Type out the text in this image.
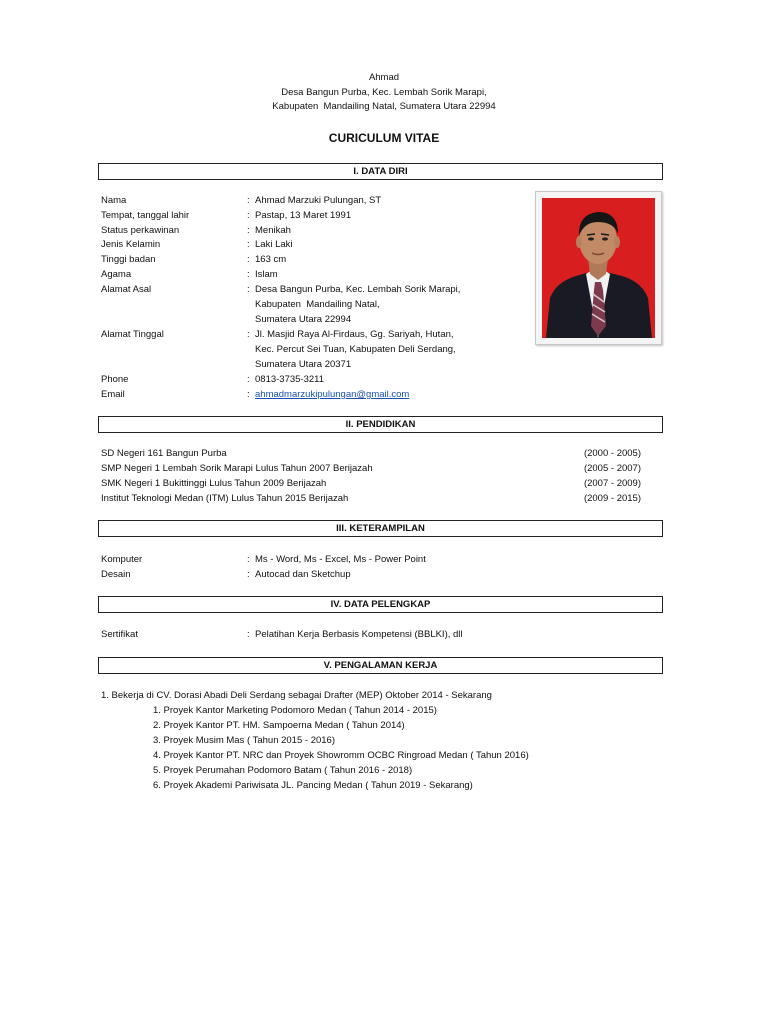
Ahmad
Desa Bangun Purba, Kec. Lembah Sorik Marapi,
Kabupaten  Mandailing Natal, Sumatera Utara 22994
CURICULUM VITAE
I. DATA DIRI
Nama	: Ahmad Marzuki Pulungan, ST
Tempat, tanggal lahir	: Pastap, 13 Maret 1991
Status perkawinan	: Menikah
Jenis Kelamin	: Laki Laki
Tinggi badan	: 163 cm
Agama	: Islam
Alamat Asal	: Desa Bangun Purba, Kec. Lembah Sorik Marapi,
Kabupaten  Mandailing Natal,
Sumatera Utara 22994
Alamat Tinggal	: Jl. Masjid Raya Al-Firdaus, Gg. Sariyah, Hutan,
Kec. Percut Sei Tuan, Kabupaten Deli Serdang,
Sumatera Utara 20371
Phone	: 0813-3735-3211
Email	: ahmadmarzukipulungan@gmail.com
II. PENDIDIKAN
SD Negeri 161 Bangun Purba	(2000 - 2005)
SMP Negeri 1 Lembah Sorik Marapi Lulus Tahun 2007 Berijazah	(2005 - 2007)
SMK Negeri 1 Bukittinggi Lulus Tahun 2009 Berijazah	(2007 - 2009)
Institut Teknologi Medan (ITM) Lulus Tahun 2015 Berijazah	(2009 - 2015)
III. KETERAMPILAN
Komputer	: Ms - Word, Ms - Excel, Ms - Power Point
Desain	: Autocad dan Sketchup
IV. DATA PELENGKAP
Sertifikat	: Pelatihan Kerja Berbasis Kompetensi (BBLKI), dll
V. PENGALAMAN KERJA
1. Bekerja di CV. Dorasi Abadi Deli Serdang sebagai Drafter (MEP) Oktober 2014 - Sekarang
1. Proyek Kantor Marketing Podomoro Medan ( Tahun 2014 - 2015)
2. Proyek Kantor PT. HM. Sampoerna Medan ( Tahun 2014)
3. Proyek Musim Mas ( Tahun 2015 - 2016)
4. Proyek Kantor PT. NRC dan Proyek Showromm OCBC Ringroad Medan ( Tahun 2016)
5. Proyek Perumahan Podomoro Batam ( Tahun 2016 - 2018)
6. Proyek Akademi Pariwisata JL. Pancing Medan ( Tahun 2019 - Sekarang)
